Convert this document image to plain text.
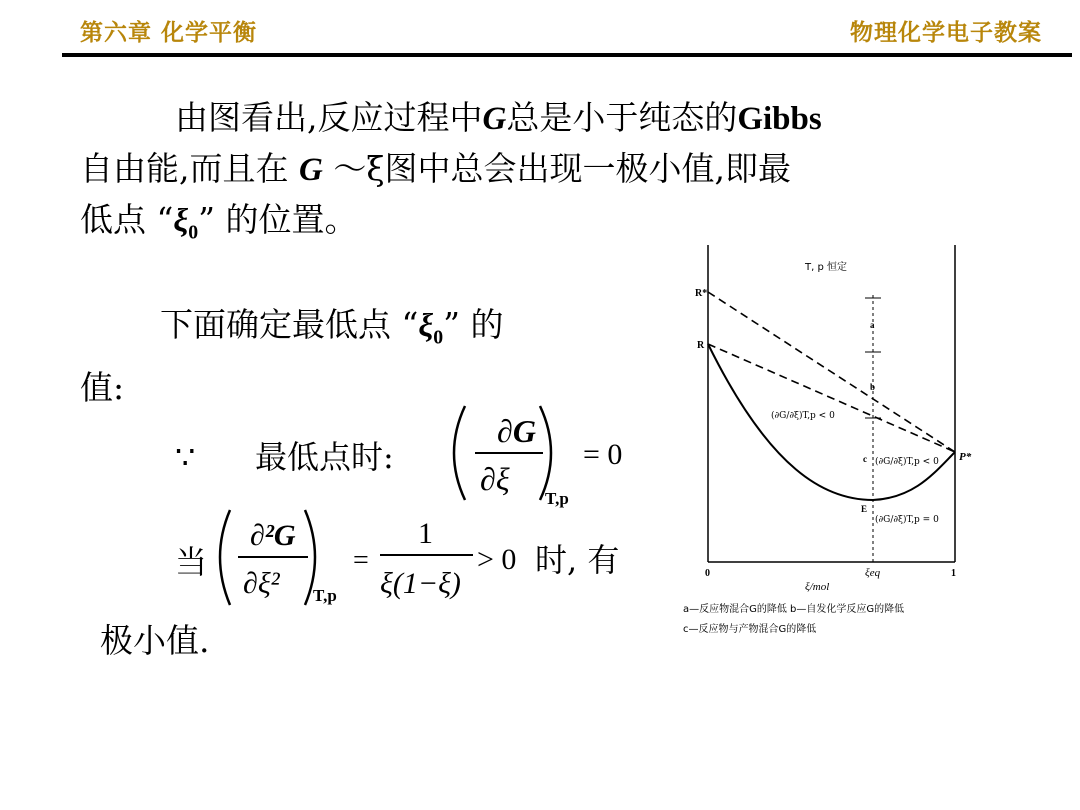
第六章 化学平衡	物理化学电子教案
由图看出,反应过程中G总是小于纯态的Gibbs
自由能,而且在 G ～ξ图中总会出现一极小值,即最
低点 “$\xi_0$” 的位置。
下面确定最低点 “$\xi_0$” 的
值:
∵ 最低点时:
∂G
∂ξ
T,p
= 0
当
∂²G
∂ξ² T,p
=
1
ξ(1−ξ)
> 0 时, 有
极小值.
T, p 恒定
R*
R
P*
a
b
c
E
(∂G/∂ξ)T,p < 0
(∂G/∂ξ)T,p < 0
(∂G/∂ξ)T,p = 0
0	1
ξeq
ξ/mol
a—反应物混合G的降低 b—自发化学反应G的降低
c—反应物与产物混合G的降低
